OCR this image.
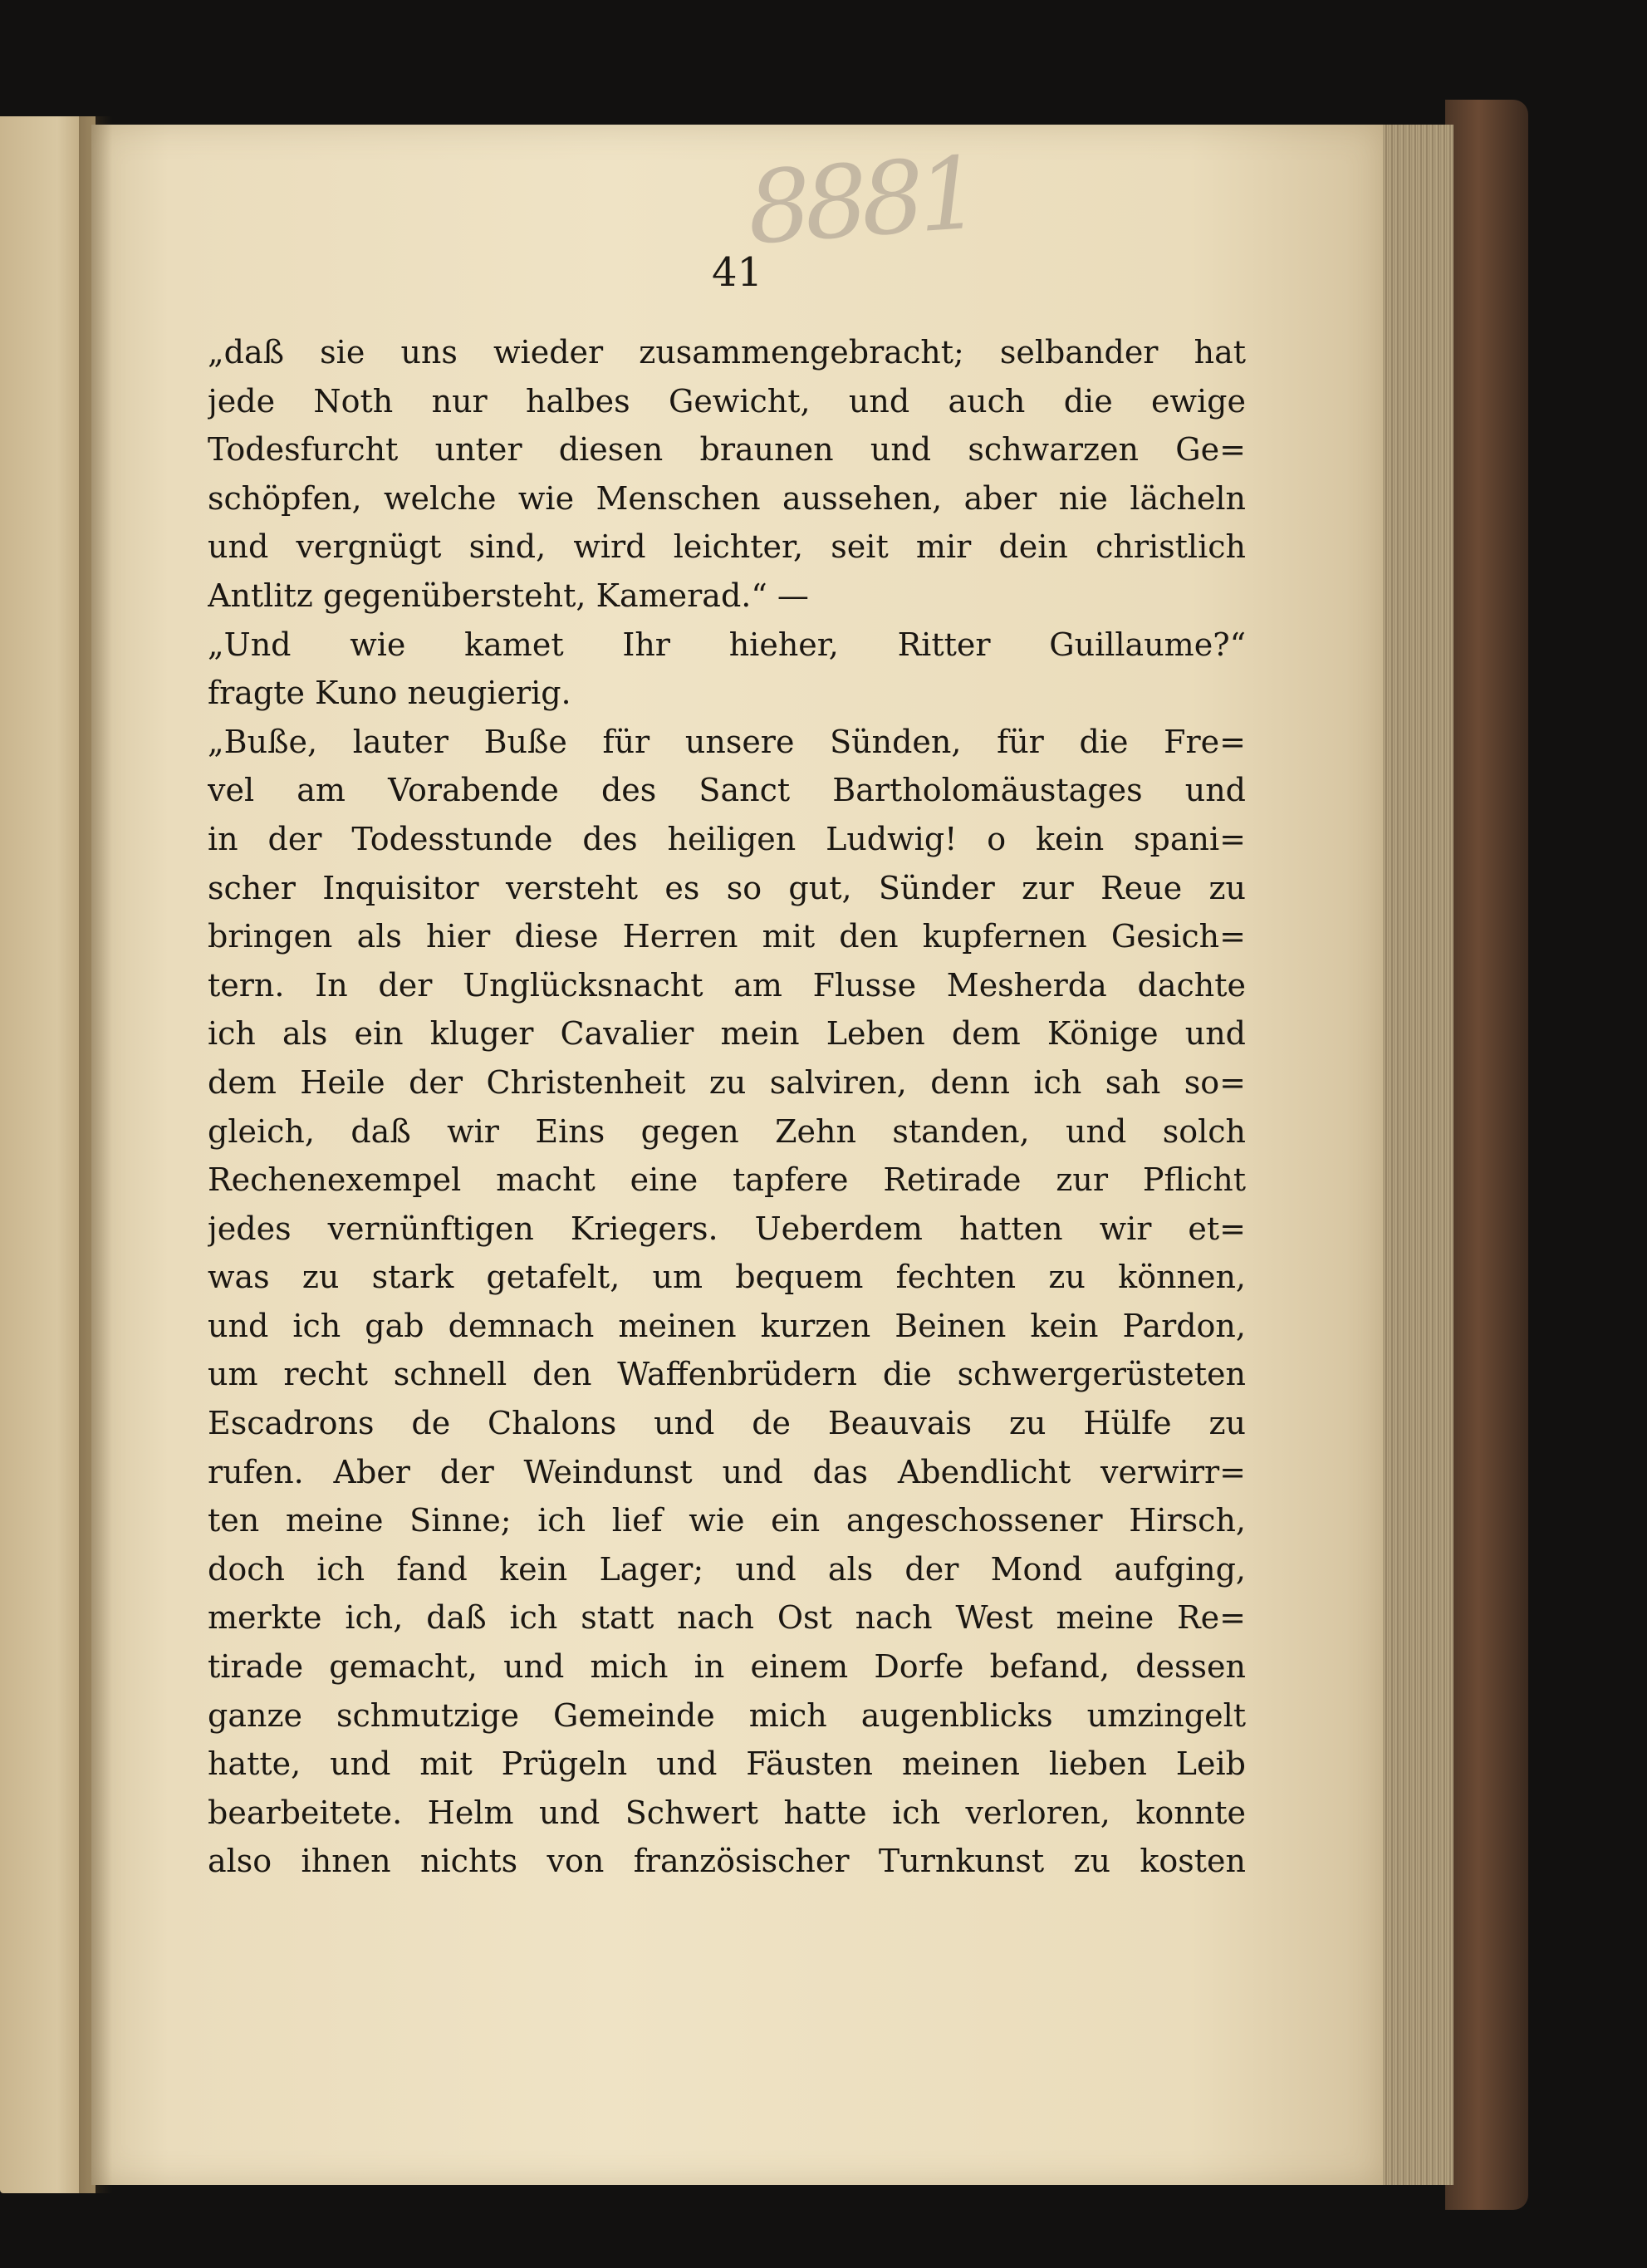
8881
41
„daß sie uns wieder zusammengebracht; selbander hat
jede Noth nur halbes Gewicht, und auch die ewige
Todesfurcht unter diesen braunen und schwarzen Ge=
schöpfen, welche wie Menschen aussehen, aber nie lächeln
und vergnügt sind, wird leichter, seit mir dein christlich
Antlitz gegenübersteht, Kamerad.“ —
„Und wie kamet Ihr hieher, Ritter Guillaume?“
fragte Kuno neugierig.
„Buße, lauter Buße für unsere Sünden, für die Fre=
vel am Vorabende des Sanct Bartholomäustages und
in der Todesstunde des heiligen Ludwig! o kein spani=
scher Inquisitor versteht es so gut, Sünder zur Reue zu
bringen als hier diese Herren mit den kupfernen Gesich=
tern. In der Unglücksnacht am Flusse Mesherda dachte
ich als ein kluger Cavalier mein Leben dem Könige und
dem Heile der Christenheit zu salviren, denn ich sah so=
gleich, daß wir Eins gegen Zehn standen, und solch
Rechenexempel macht eine tapfere Retirade zur Pflicht
jedes vernünftigen Kriegers. Ueberdem hatten wir et=
was zu stark getafelt, um bequem fechten zu können,
und ich gab demnach meinen kurzen Beinen kein Pardon,
um recht schnell den Waffenbrüdern die schwergerüsteten
Escadrons de Chalons und de Beauvais zu Hülfe zu
rufen. Aber der Weindunst und das Abendlicht verwirr=
ten meine Sinne; ich lief wie ein angeschossener Hirsch,
doch ich fand kein Lager; und als der Mond aufging,
merkte ich, daß ich statt nach Ost nach West meine Re=
tirade gemacht, und mich in einem Dorfe befand, dessen
ganze schmutzige Gemeinde mich augenblicks umzingelt
hatte, und mit Prügeln und Fäusten meinen lieben Leib
bearbeitete. Helm und Schwert hatte ich verloren, konnte
also ihnen nichts von französischer Turnkunst zu kosten
